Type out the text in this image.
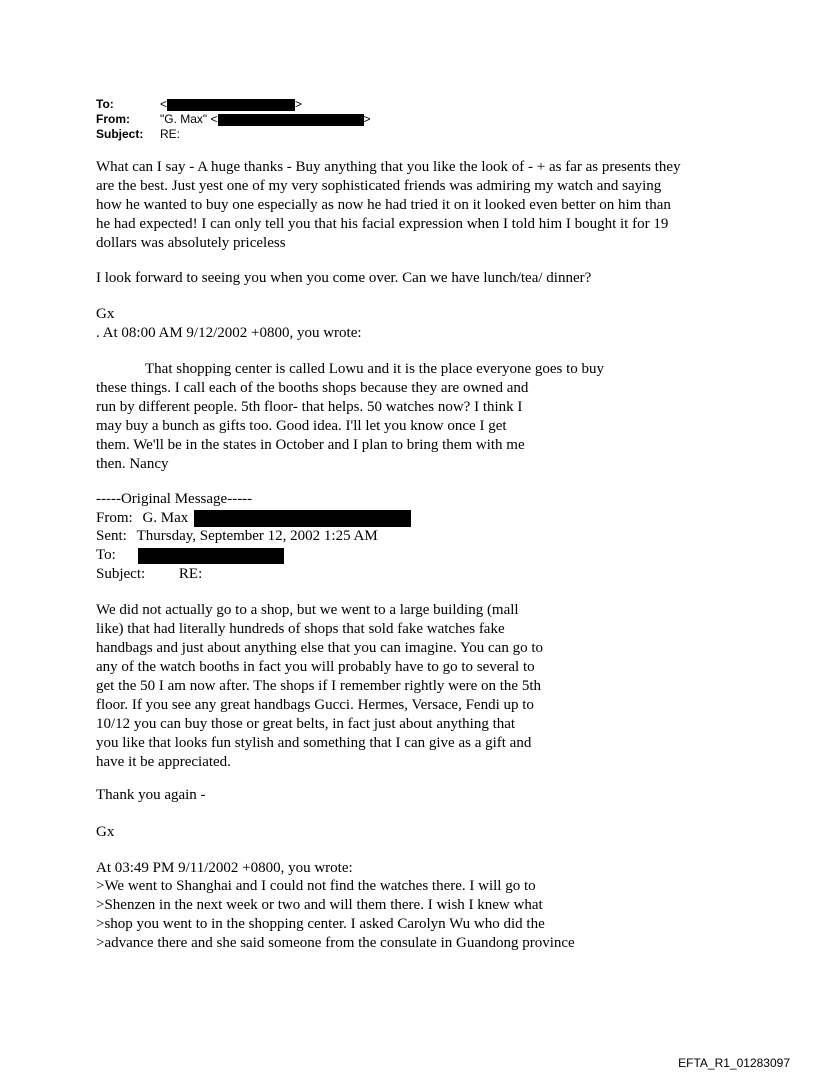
To:	<	>
From:	"G. Max" <	>
Subject: RE:
What can I say - A huge thanks - Buy anything that you like the look of - + as far as presents they
are the best. Just yest one of my very sophisticated friends was admiring my watch and saying
how he wanted to buy one especially as now he had tried it on it looked even better on him than
he had expected! I can only tell you that his facial expression when I told him I bought it for 19
dollars was absolutely priceless
I look forward to seeing you when you come over. Can we have lunch/tea/ dinner?
Gx
. At 08:00 AM 9/12/2002 +0800, you wrote:
That shopping center is called Lowu and it is the place everyone goes to buy
these things. I call each of the booths shops because they are owned and
run by different people. 5th floor- that helps. 50 watches now? I think I
may buy a bunch as gifts too. Good idea. I'll let you know once I get
them. We'll be in the states in October and I plan to bring them with me
then. Nancy
-----Original Message-----
From: G. Max
Sent: Thursday, September 12, 2002 1:25 AM
To:
Subject: RE:
We did not actually go to a shop, but we went to a large building (mall
like) that had literally hundreds of shops that sold fake watches fake
handbags and just about anything else that you can imagine. You can go to
any of the watch booths in fact you will probably have to go to several to
get the 50 I am now after. The shops if I remember rightly were on the 5th
floor. If you see any great handbags Gucci. Hermes, Versace, Fendi up to
10/12 you can buy those or great belts, in fact just about anything that
you like that looks fun stylish and something that I can give as a gift and
have it be appreciated.
Thank you again -
Gx
At 03:49 PM 9/11/2002 +0800, you wrote:
>We went to Shanghai and I could not find the watches there. I will go to
>Shenzen in the next week or two and will them there. I wish I knew what
>shop you went to in the shopping center. I asked Carolyn Wu who did the
>advance there and she said someone from the consulate in Guandong province
EFTA_R1_01283097
